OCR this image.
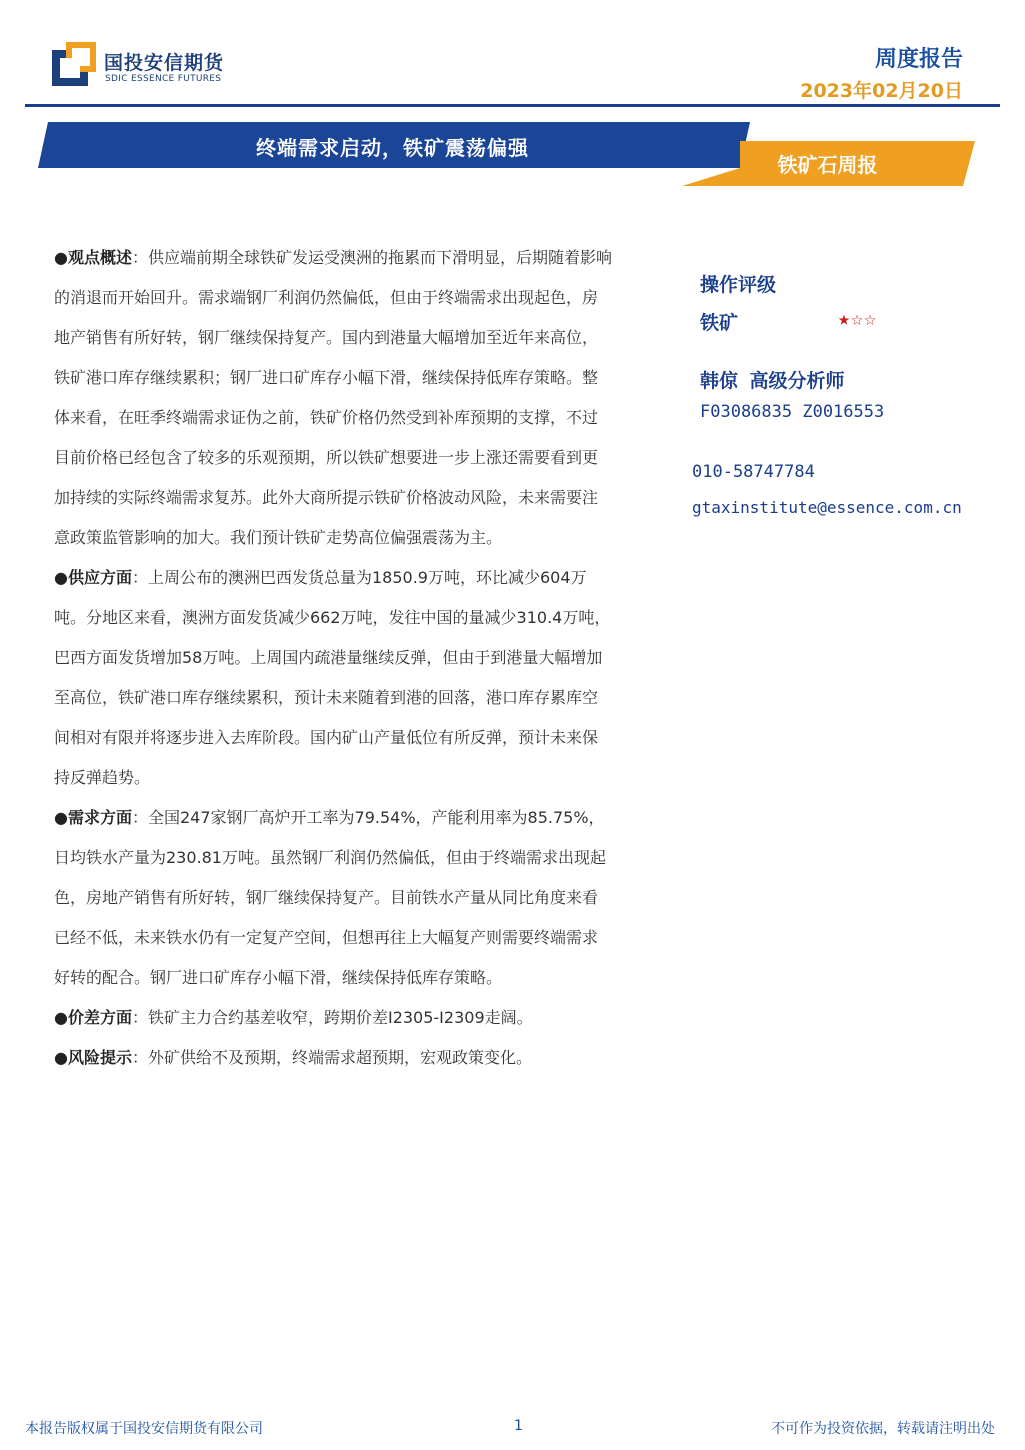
国投安信期货
SDIC ESSENCE FUTURES
周度报告
2023年02月20日
终端需求启动，铁矿震荡偏强
铁矿石周报

●观点概述：供应端前期全球铁矿发运受澳洲的拖累而下滑明显，后期随着影响的消退而开始回升。需求端钢厂利润仍然偏低，但由于终端需求出现起色，房地产销售有所好转，钢厂继续保持复产。国内到港量大幅增加至近年来高位，铁矿港口库存继续累积；钢厂进口矿库存小幅下滑，继续保持低库存策略。整体来看，在旺季终端需求证伪之前，铁矿价格仍然受到补库预期的支撑，不过目前价格已经包含了较多的乐观预期，所以铁矿想要进一步上涨还需要看到更加持续的实际终端需求复苏。此外大商所提示铁矿价格波动风险，未来需要注意政策监管影响的加大。我们预计铁矿走势高位偏强震荡为主。

●供应方面：上周公布的澳洲巴西发货总量为1850.9万吨，环比减少604万吨。分地区来看，澳洲方面发货减少662万吨，发往中国的量减少310.4万吨，巴西方面发货增加58万吨。上周国内疏港量继续反弹，但由于到港量大幅增加至高位，铁矿港口库存继续累积，预计未来随着到港的回落，港口库存累库空间相对有限并将逐步进入去库阶段。国内矿山产量低位有所反弹，预计未来保持反弹趋势。

●需求方面：全国247家钢厂高炉开工率为79.54%，产能利用率为85.75%，日均铁水产量为230.81万吨。虽然钢厂利润仍然偏低，但由于终端需求出现起色，房地产销售有所好转，钢厂继续保持复产。目前铁水产量从同比角度来看已经不低，未来铁水仍有一定复产空间，但想再往上大幅复产则需要终端需求好转的配合。钢厂进口矿库存小幅下滑，继续保持低库存策略。

●价差方面：铁矿主力合约基差收窄，跨期价差I2305-I2309走阔。

●风险提示：外矿供给不及预期，终端需求超预期，宏观政策变化。

操作评级
铁矿	★☆☆
韩倞 高级分析师
F03086835 Z0016553
010-58747784
gtaxinstitute@essence.com.cn
本报告版权属于国投安信期货有限公司	1	不可作为投资依据，转载请注明出处
